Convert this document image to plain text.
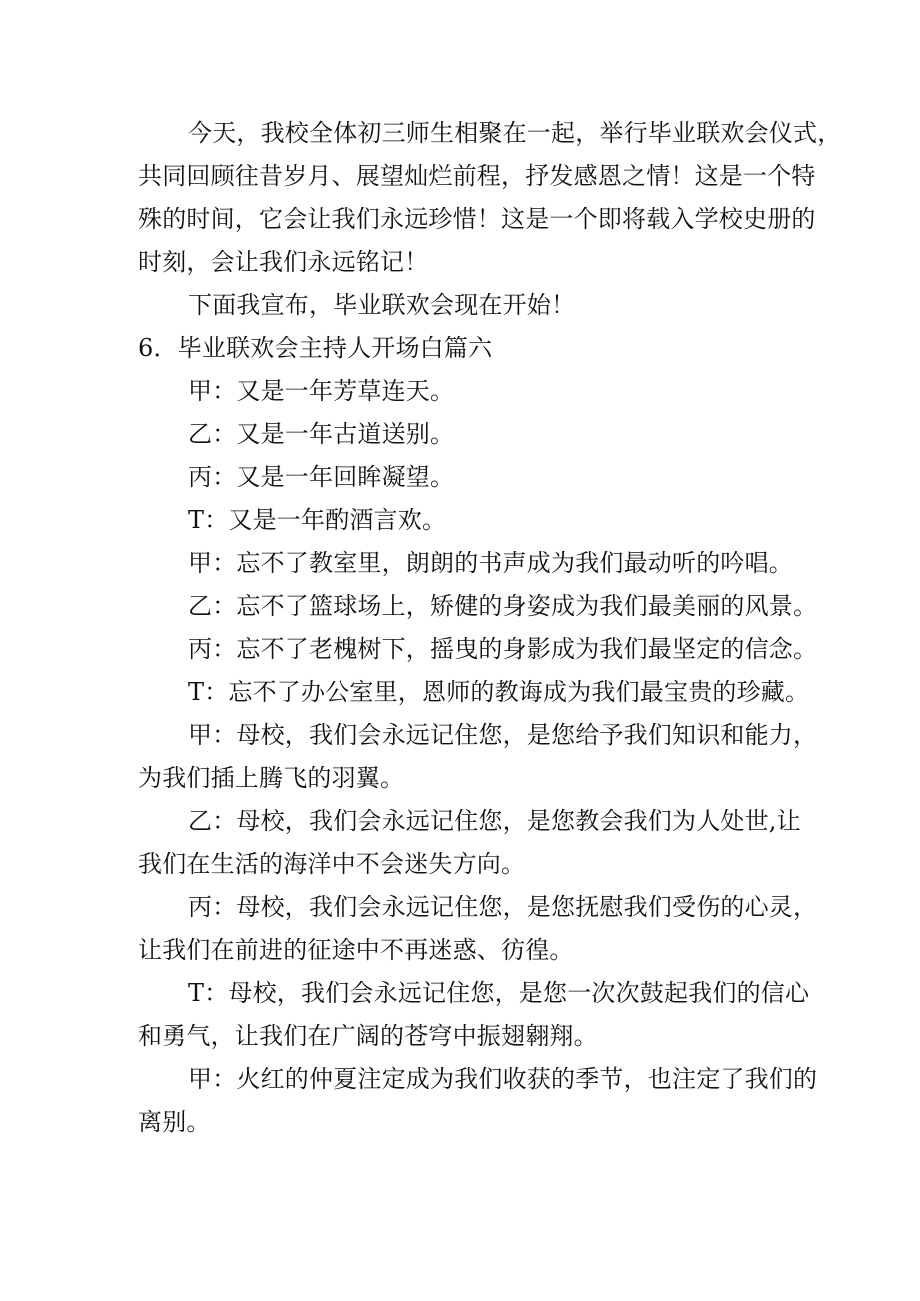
今天，我校全体初三师生相聚在一起，举行毕业联欢会仪式，
共同回顾往昔岁月、展望灿烂前程，抒发感恩之情！这是一个特
殊的时间，它会让我们永远珍惜！这是一个即将载入学校史册的
时刻，会让我们永远铭记！
下面我宣布，毕业联欢会现在开始！
6．毕业联欢会主持人开场白篇六
甲：又是一年芳草连天。
乙：又是一年古道送别。
丙：又是一年回眸凝望。
T：又是一年酌酒言欢。
甲：忘不了教室里，朗朗的书声成为我们最动听的吟唱。
乙：忘不了篮球场上，矫健的身姿成为我们最美丽的风景。
丙：忘不了老槐树下，摇曳的身影成为我们最坚定的信念。
T：忘不了办公室里，恩师的教诲成为我们最宝贵的珍藏。
甲：母校，我们会永远记住您，是您给予我们知识和能力，
为我们插上腾飞的羽翼。
乙：母校，我们会永远记住您，是您教会我们为人处世,让
我们在生活的海洋中不会迷失方向。
丙：母校，我们会永远记住您，是您抚慰我们受伤的心灵，
让我们在前进的征途中不再迷惑、彷徨。
T：母校，我们会永远记住您，是您一次次鼓起我们的信心
和勇气，让我们在广阔的苍穹中振翅翱翔。
甲：火红的仲夏注定成为我们收获的季节，也注定了我们的
离别。
